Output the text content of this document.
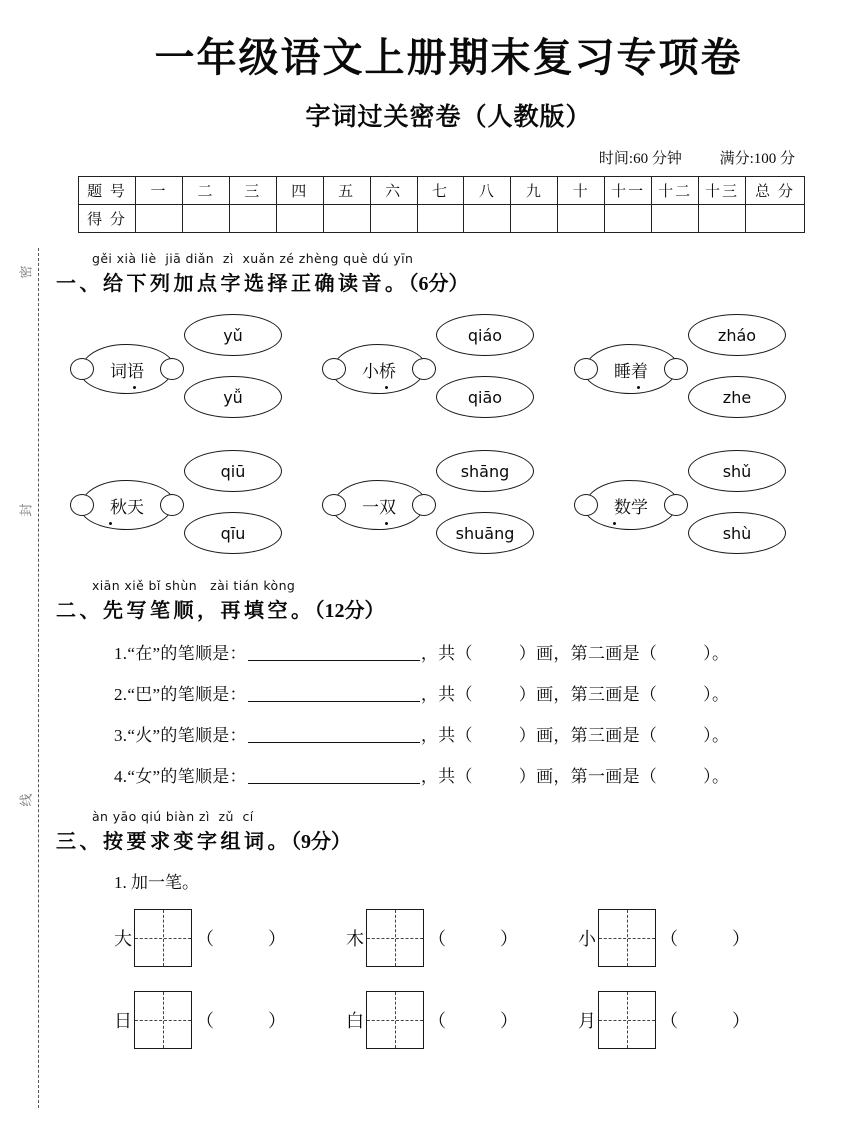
密
封
线
一年级语文上册期末复习专项卷
字词过关密卷（人教版）
时间:60 分钟	满分:100 分
题 号	一	二	三	四	五	六	七	八	九	十	十一	十二	十三	总 分
得 分														
gěi xià liè  jiā diǎn  zì  xuǎn zé zhèng què dú yīn
一、给下列加点字选择正确读音。（6分）
词语
yǔ
yǚ
小桥
qiáo
qiāo
睡着
zháo
zhe
秋天
qiū
qīu
一双
shāng
shuāng
数学
shǔ
shù
xiān xiě bǐ shùn   zài tián kòng
二、先写笔顺，再填空。（12分）
1.“在”的笔顺是：	，共（	）画，第二画是（	）。
2.“巴”的笔顺是：	，共（	）画，第三画是（	）。
3.“火”的笔顺是：	，共（	）画，第三画是（	）。
4.“女”的笔顺是：	，共（	）画，第一画是（	）。
àn yāo qiú biàn zì  zǔ  cí
三、按要求变字组词。（9分）
1. 加一笔。
大	（	）	木	（	）	小	（	）
日	（	）	白	（	）	月	（	）
